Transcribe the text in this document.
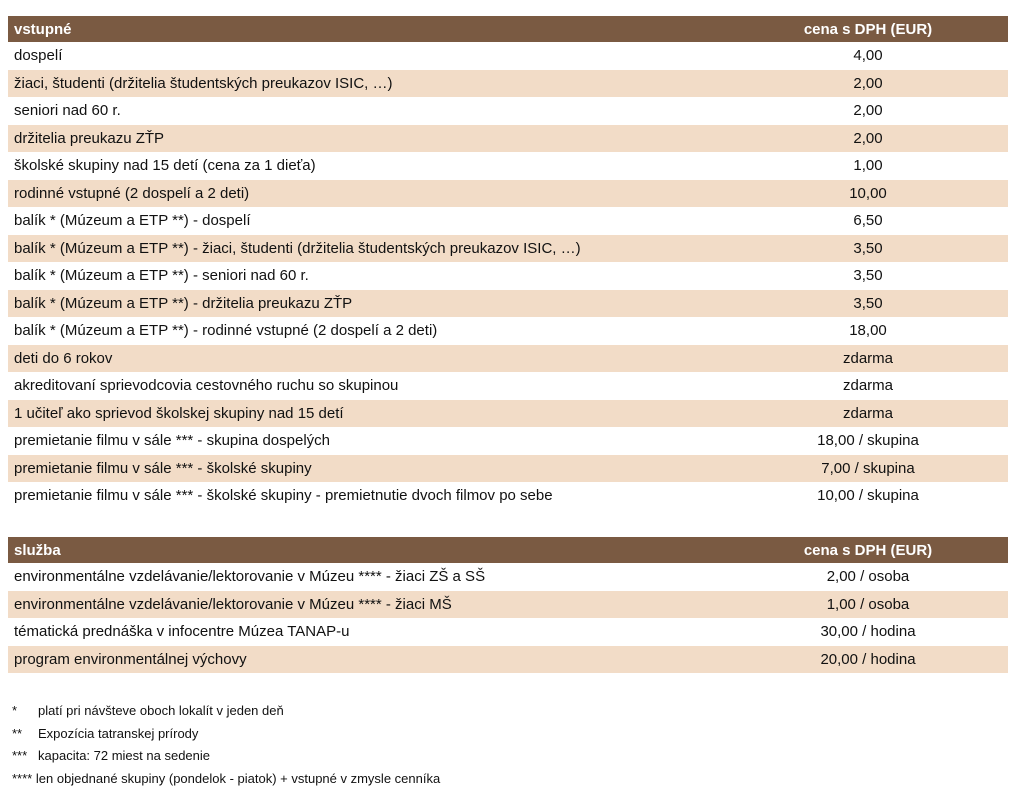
vstupné	cena s DPH (EUR)
dospelí	4,00
žiaci, študenti (držitelia študentských preukazov ISIC, …)	2,00
seniori nad 60 r.	2,00
držitelia preukazu ZŤP	2,00
školské skupiny nad 15 detí (cena za 1 dieťa)	1,00
rodinné vstupné (2 dospelí a 2 deti)	10,00
balík * (Múzeum a ETP **) - dospelí	6,50
balík * (Múzeum a ETP **) - žiaci, študenti (držitelia študentských preukazov ISIC, …)	3,50
balík * (Múzeum a ETP **) - seniori nad 60 r.	3,50
balík * (Múzeum a ETP **) - držitelia preukazu ZŤP	3,50
balík * (Múzeum a ETP **) - rodinné vstupné (2 dospelí a 2 deti)	18,00
deti do 6 rokov	zdarma
akreditovaní sprievodcovia cestovného ruchu so skupinou	zdarma
1 učiteľ ako sprievod školskej skupiny nad 15 detí	zdarma
premietanie filmu v sále *** - skupina dospelých	18,00 / skupina
premietanie filmu v sále *** - školské skupiny	7,00 / skupina
premietanie filmu v sále *** - školské skupiny - premietnutie dvoch filmov po sebe	10,00 / skupina
služba	cena s DPH (EUR)
environmentálne vzdelávanie/lektorovanie v Múzeu **** - žiaci ZŠ a SŠ	2,00 / osoba
environmentálne vzdelávanie/lektorovanie v Múzeu **** - žiaci MŠ	1,00 / osoba
tématická prednáška v infocentre Múzea TANAP-u	30,00 / hodina
program environmentálnej výchovy	20,00 / hodina
* platí pri návšteve oboch lokalít v jeden deň
** Expozícia tatranskej prírody
*** kapacita: 72 miest na sedenie
**** len objednané skupiny (pondelok - piatok) + vstupné v zmysle cenníka
